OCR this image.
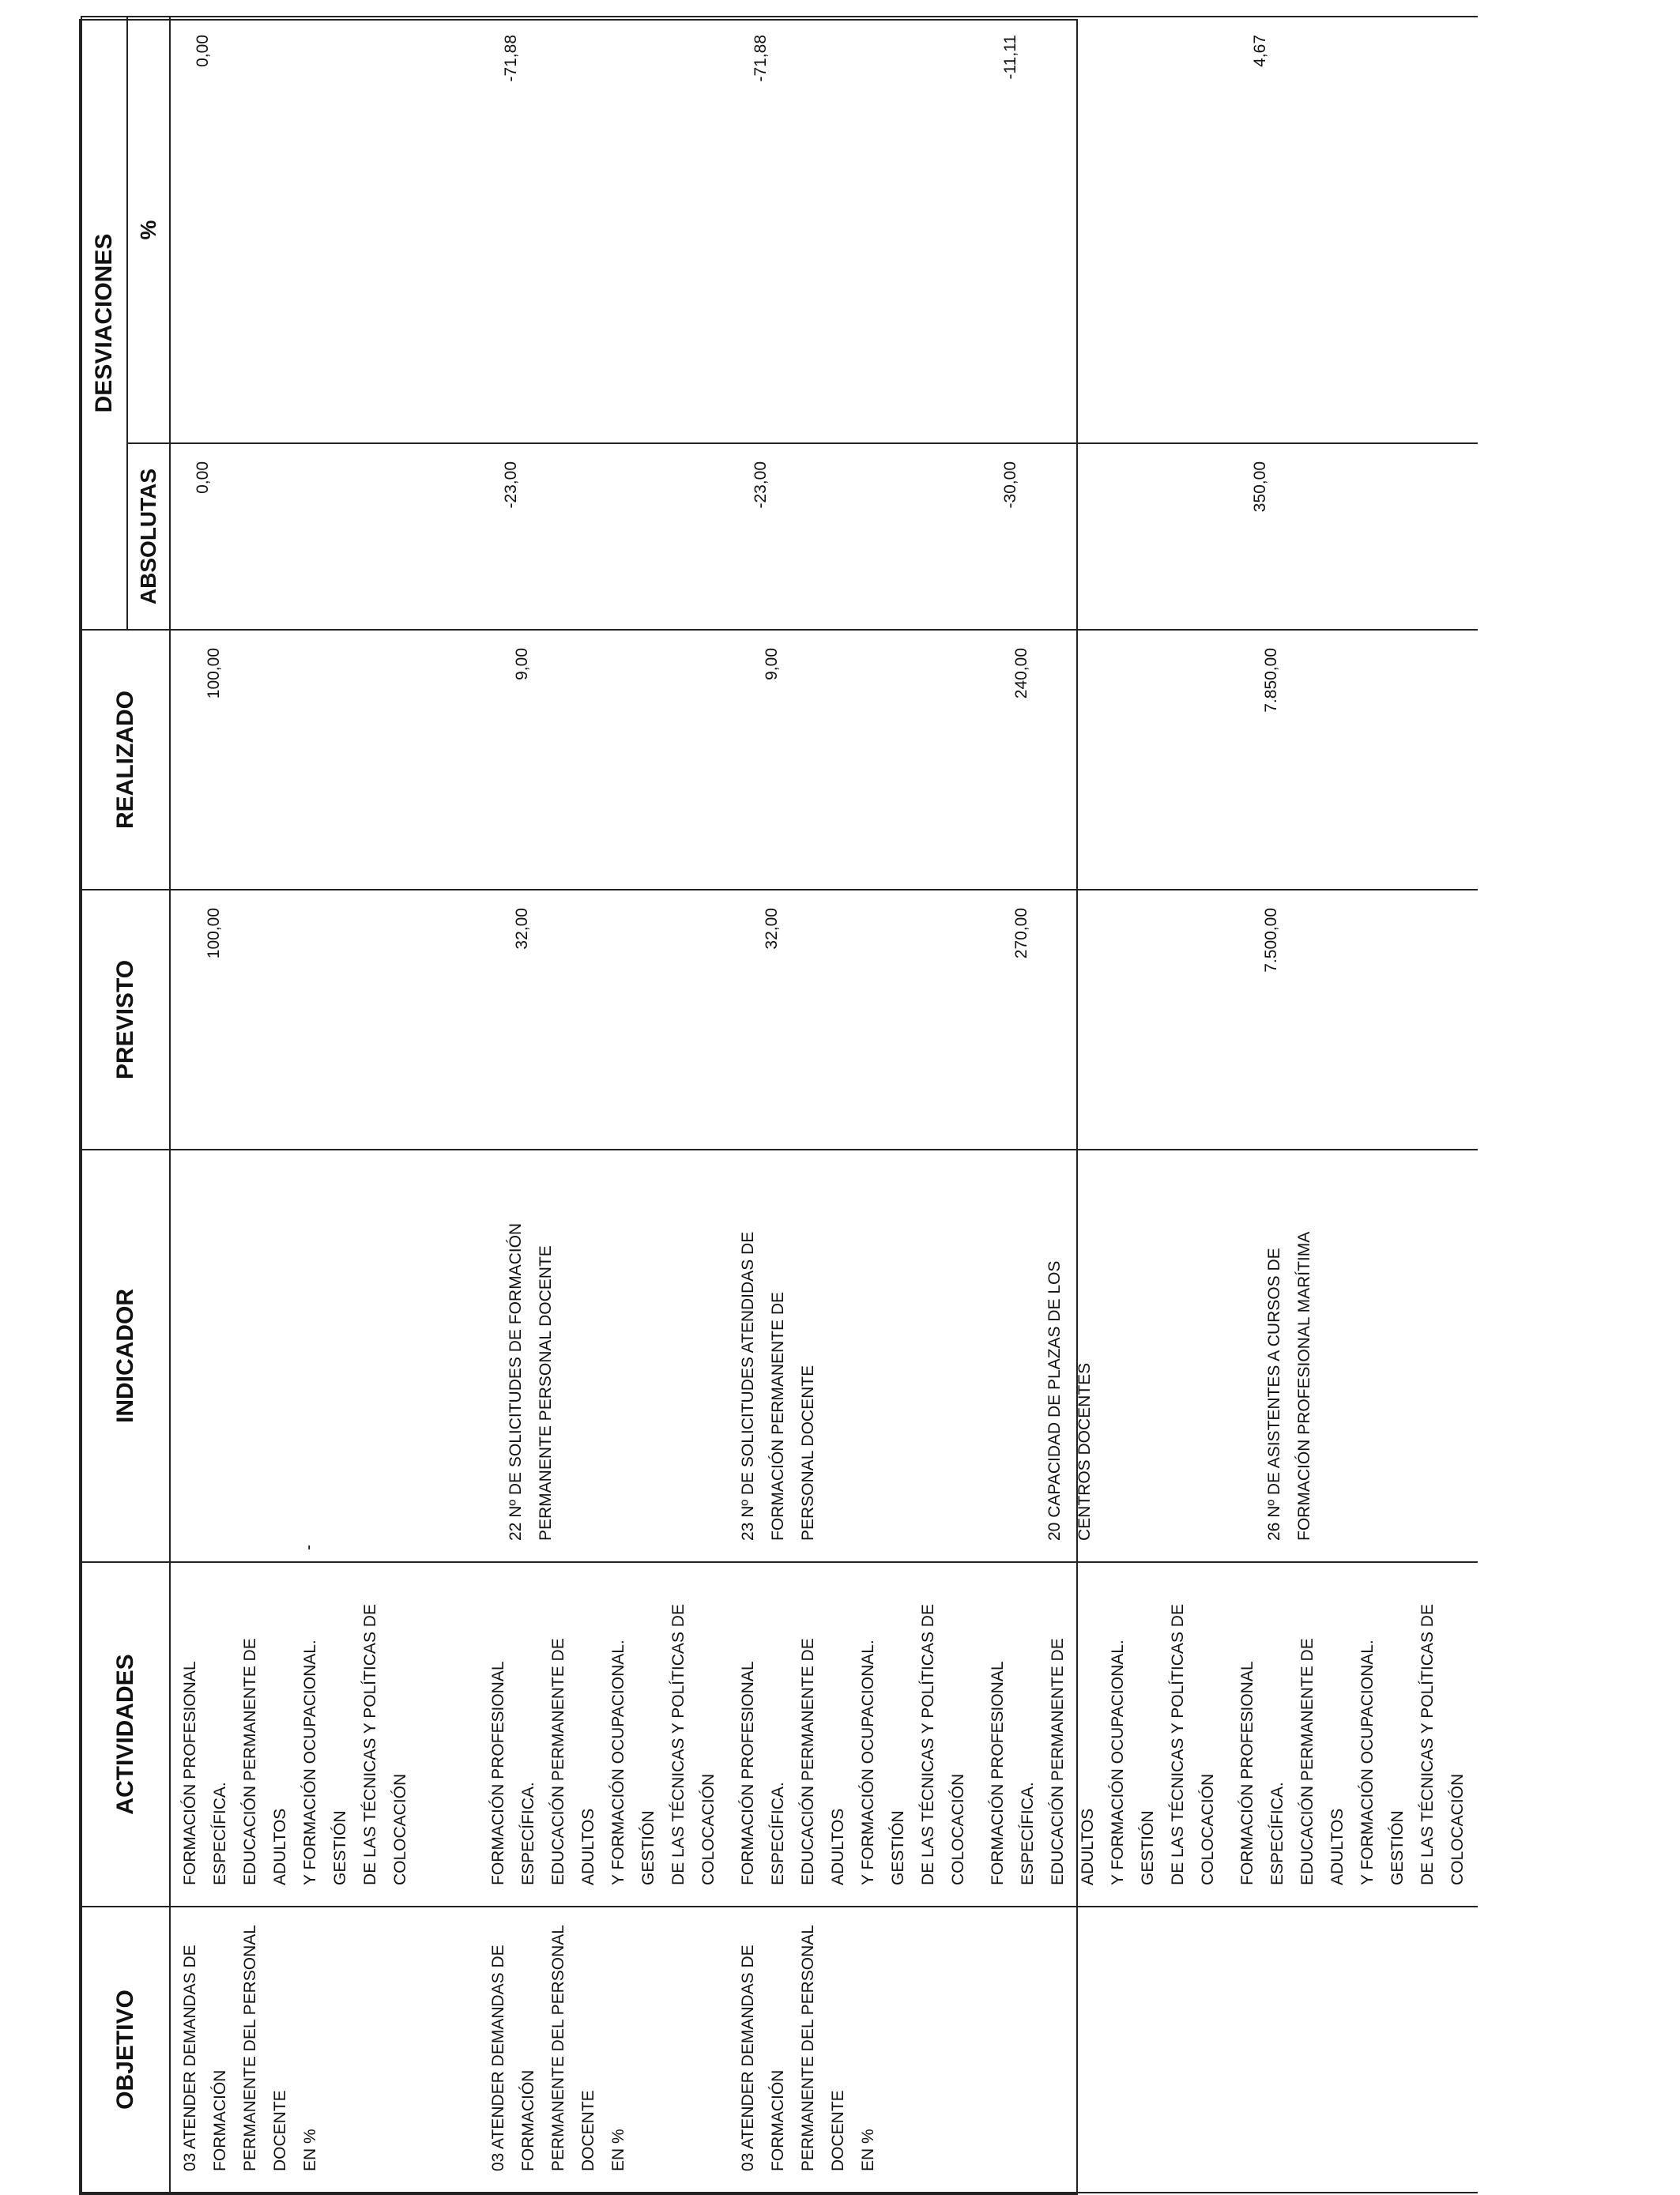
OBJETIVO	ACTIVIDADES	INDICADOR	PREVISTO	REALIZADO	DESVIACIONES	
					ABSOLUTAS	%
03 ATENDER DEMANDAS DE FORMACIÓN
PERMANENTE DEL PERSONAL DOCENTE
EN %	FORMACIÓN PROFESIONAL ESPECÍFICA.
EDUCACIÓN PERMANENTE DE ADULTOS
Y FORMACIÓN OCUPACIONAL. GESTIÓN
DE LAS TÉCNICAS Y POLÍTICAS DE
COLOCACIÓN	-	100,00	100,00	0,00	0,00
03 ATENDER DEMANDAS DE FORMACIÓN
PERMANENTE DEL PERSONAL DOCENTE
EN %	FORMACIÓN PROFESIONAL ESPECÍFICA.
EDUCACIÓN PERMANENTE DE ADULTOS
Y FORMACIÓN OCUPACIONAL. GESTIÓN
DE LAS TÉCNICAS Y POLÍTICAS DE
COLOCACIÓN	22 Nº DE SOLICITUDES DE FORMACIÓN
PERMANENTE PERSONAL DOCENTE	32,00	9,00	-23,00	-71,88
03 ATENDER DEMANDAS DE FORMACIÓN
PERMANENTE DEL PERSONAL DOCENTE
EN %	FORMACIÓN PROFESIONAL ESPECÍFICA.
EDUCACIÓN PERMANENTE DE ADULTOS
Y FORMACIÓN OCUPACIONAL. GESTIÓN
DE LAS TÉCNICAS Y POLÍTICAS DE
COLOCACIÓN	23 Nº DE SOLICITUDES ATENDIDAS DE
FORMACIÓN PERMANENTE DE
PERSONAL DOCENTE	32,00	9,00	-23,00	-71,88
	FORMACIÓN PROFESIONAL ESPECÍFICA.
EDUCACIÓN PERMANENTE DE ADULTOS
Y FORMACIÓN OCUPACIONAL. GESTIÓN
DE LAS TÉCNICAS Y POLÍTICAS DE
COLOCACIÓN	20 CAPACIDAD DE PLAZAS DE LOS
CENTROS DOCENTES	270,00	240,00	-30,00	-11,11
	FORMACIÓN PROFESIONAL ESPECÍFICA.
EDUCACIÓN PERMANENTE DE ADULTOS
Y FORMACIÓN OCUPACIONAL. GESTIÓN
DE LAS TÉCNICAS Y POLÍTICAS DE
COLOCACIÓN	26 Nº DE ASISTENTES A CURSOS DE
FORMACIÓN PROFESIONAL MARÍTIMA	7.500,00	7.850,00	350,00	4,67
